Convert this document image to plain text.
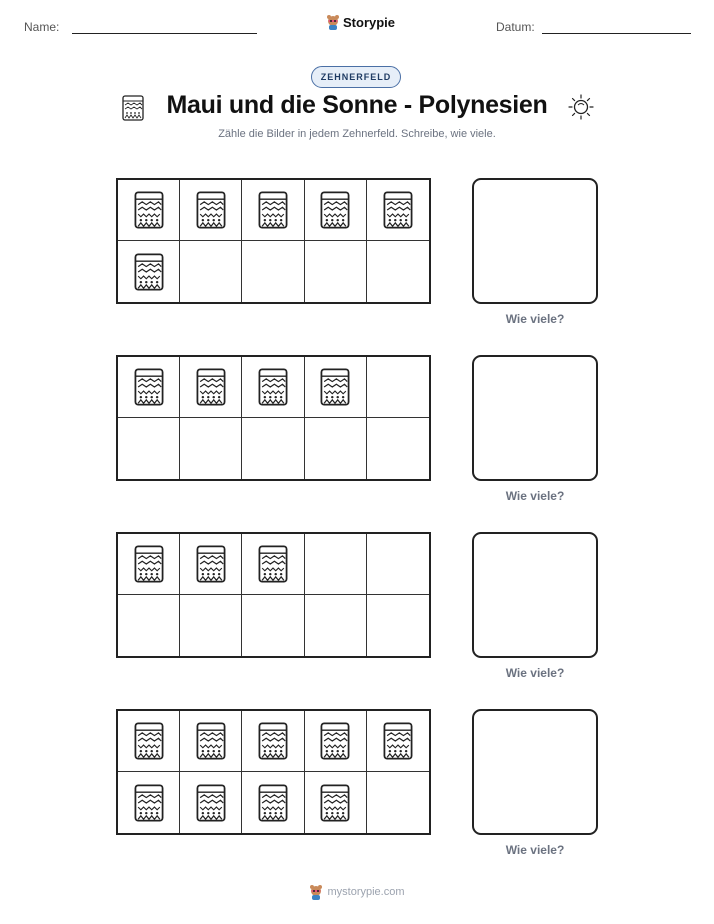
Name:	Storypie	Datum:
ZEHNERFELD
Maui und die Sonne - Polynesien
Zähle die Bilder in jedem Zehnerfeld. Schreibe, wie viele.
Wie viele?
Wie viele?
Wie viele?
Wie viele?
mystorypie.com
